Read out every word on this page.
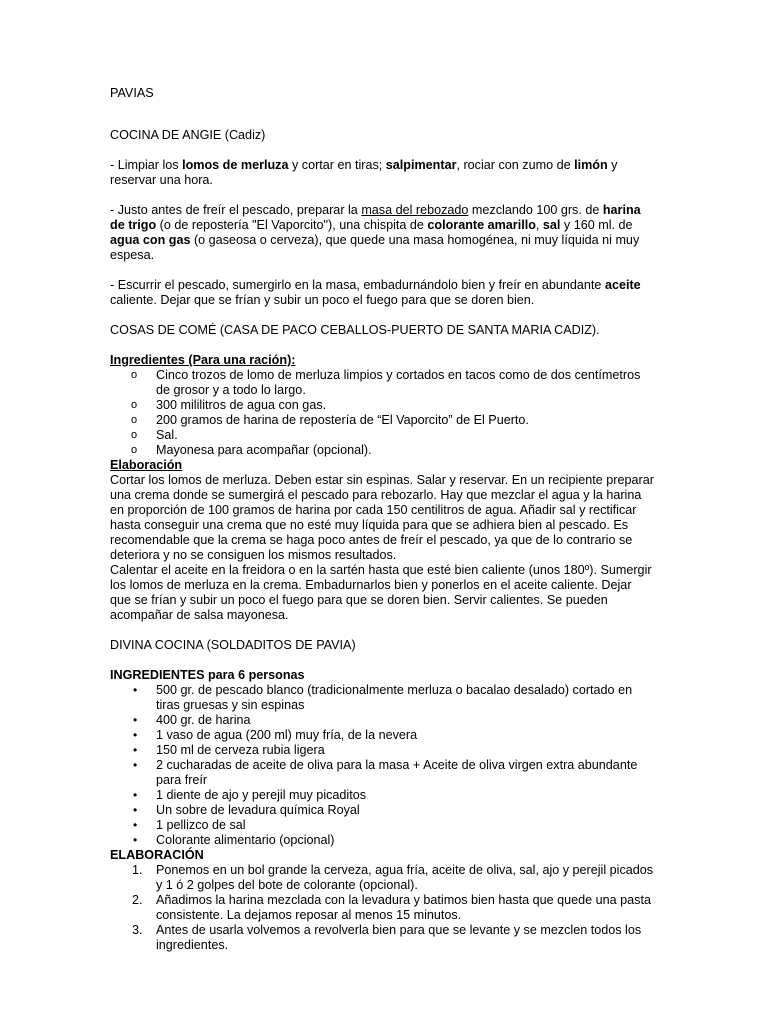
PAVIAS

COCINA DE ANGIE (Cadiz)

- Limpiar los lomos de merluza y cortar en tiras; salpimentar, rociar con zumo de limón y reservar una hora.

- Justo antes de freír el pescado, preparar la masa del rebozado mezclando 100 grs. de harina de trigo (o de repostería "El Vaporcito"), una chispita de colorante amarillo, sal y 160 ml. de agua con gas (o gaseosa o cerveza), que quede una masa homogénea, ni muy líquida ni muy espesa.

- Escurrir el pescado, sumergirlo en la masa, embadurnándolo bien y freír en abundante aceite caliente. Dejar que se frían y subir un poco el fuego para que se doren bien.

COSAS DE COMÉ (CASA DE PACO CEBALLOS-PUERTO DE SANTA MARIA CADIZ).

Ingredientes (Para una ración):

o Cinco trozos de lomo de merluza limpios y cortados en tacos como de dos centímetros de grosor y a todo lo largo.
o 300 mililitros de agua con gas.
o 200 gramos de harina de repostería de “El Vaporcito” de El Puerto.
o Sal.
o Mayonesa para acompañar (opcional).

Elaboración

Cortar los lomos de merluza. Deben estar sin espinas. Salar y reservar. En un recipiente preparar una crema donde se sumergirá el pescado para rebozarlo. Hay que mezclar el agua y la harina en proporción de 100 gramos de harina por cada 150 centilitros de agua. Añadir sal y rectificar hasta conseguir una crema que no esté muy líquida para que se adhiera bien al pescado. Es recomendable que la crema se haga poco antes de freír el pescado, ya que de lo contrario se deteriora y no se consiguen los mismos resultados.

Calentar el aceite en la freidora o en la sartén hasta que esté bien caliente (unos 180º). Sumergir los lomos de merluza en la crema. Embadurnarlos bien y ponerlos en el aceite caliente. Dejar que se frían y subir un poco el fuego para que se doren bien. Servir calientes. Se pueden acompañar de salsa mayonesa.

DIVINA COCINA (SOLDADITOS DE PAVIA)

INGREDIENTES para 6 personas

• 500 gr. de pescado blanco (tradicionalmente merluza o bacalao desalado) cortado en tiras gruesas y sin espinas
• 400 gr. de harina
• 1 vaso de agua (200 ml) muy fría, de la nevera
• 150 ml de cerveza rubia ligera
• 2 cucharadas de aceite de oliva para la masa + Aceite de oliva virgen extra abundante para freír
• 1 diente de ajo y perejil muy picaditos
• Un sobre de levadura química Royal
• 1 pellizco de sal
• Colorante alimentario (opcional)

ELABORACIÓN

1. Ponemos en un bol grande la cerveza, agua fría, aceite de oliva, sal, ajo y perejil picados y 1 ó 2 golpes del bote de colorante (opcional).
2. Añadimos la harina mezclada con la levadura y batimos bien hasta que quede una pasta consistente. La dejamos reposar al menos 15 minutos.
3. Antes de usarla volvemos a revolverla bien para que se levante y se mezclen todos los ingredientes.
